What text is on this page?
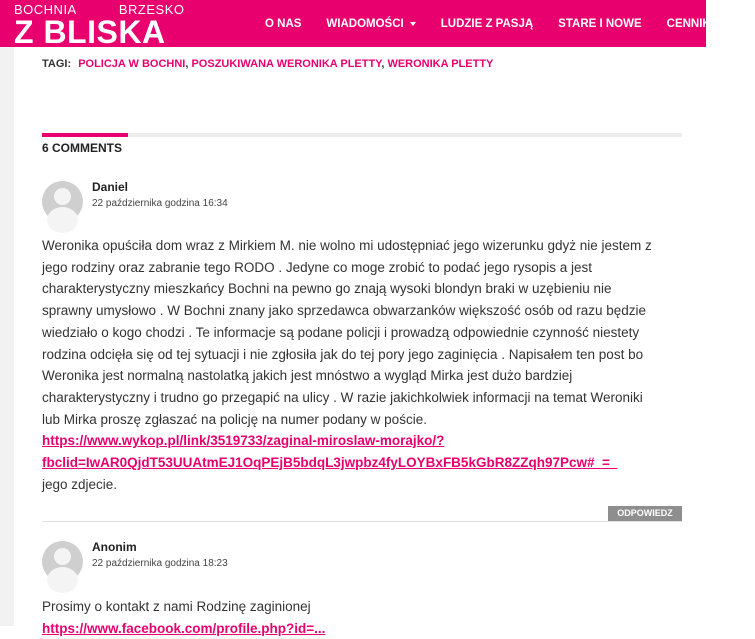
BOCHNIA	BRZESKO
Z BLISKA	O NAS WIADOMOŚCI	LUDZIE Z PASJĄ STARE I NOWE CENNIK RE
TAGI: POLICJA W BOCHNI, POSZUKIWANA WERONIKA PLETTY, WERONIKA PLETTY
6 COMMENTS
Daniel
22 października godzina 16:34
Weronika opuściła dom wraz z Mirkiem M. nie wolno mi udostępniać jego wizerunku gdyż nie jestem z
jego rodziny oraz zabranie tego RODO . Jedyne co moge zrobić to podać jego rysopis a jest
charakterystyczny mieszkańcy Bochni na pewno go znają wysoki blondyn braki w uzębieniu nie
sprawny umysłowo . W Bochni znany jako sprzedawca obwarzanków większość osób od razu będzie
wiedziało o kogo chodzi . Te informacje są podane policji i prowadzą odpowiednie czynność niestety
rodzina odcięła się od tej sytuacji i nie zgłosiła jak do tej pory jego zaginięcia . Napisałem ten post bo
Weronika jest normalną nastolatką jakich jest mnóstwo a wygląd Mirka jest dużo bardziej
charakterystyczny i trudno go przegapić na ulicy . W razie jakichkolwiek informacji na temat Weroniki
lub Mirka proszę zgłaszać na policję na numer podany w poście.
https://www.wykop.pl/link/3519733/zaginal-miroslaw-morajko/?
fbclid=IwAR0QjdT53UUAtmEJ1OqPEjB5bdqL3jwpbz4fyLOYBxFB5kGbR8ZZqh97Pcw#_=_
jego zdjecie.
ODPOWIEDZ
Anonim
22 października godzina 18:23
Prosimy o kontakt z nami Rodzinę zaginionej
https://www.facebook.com/profile.php?id=...
